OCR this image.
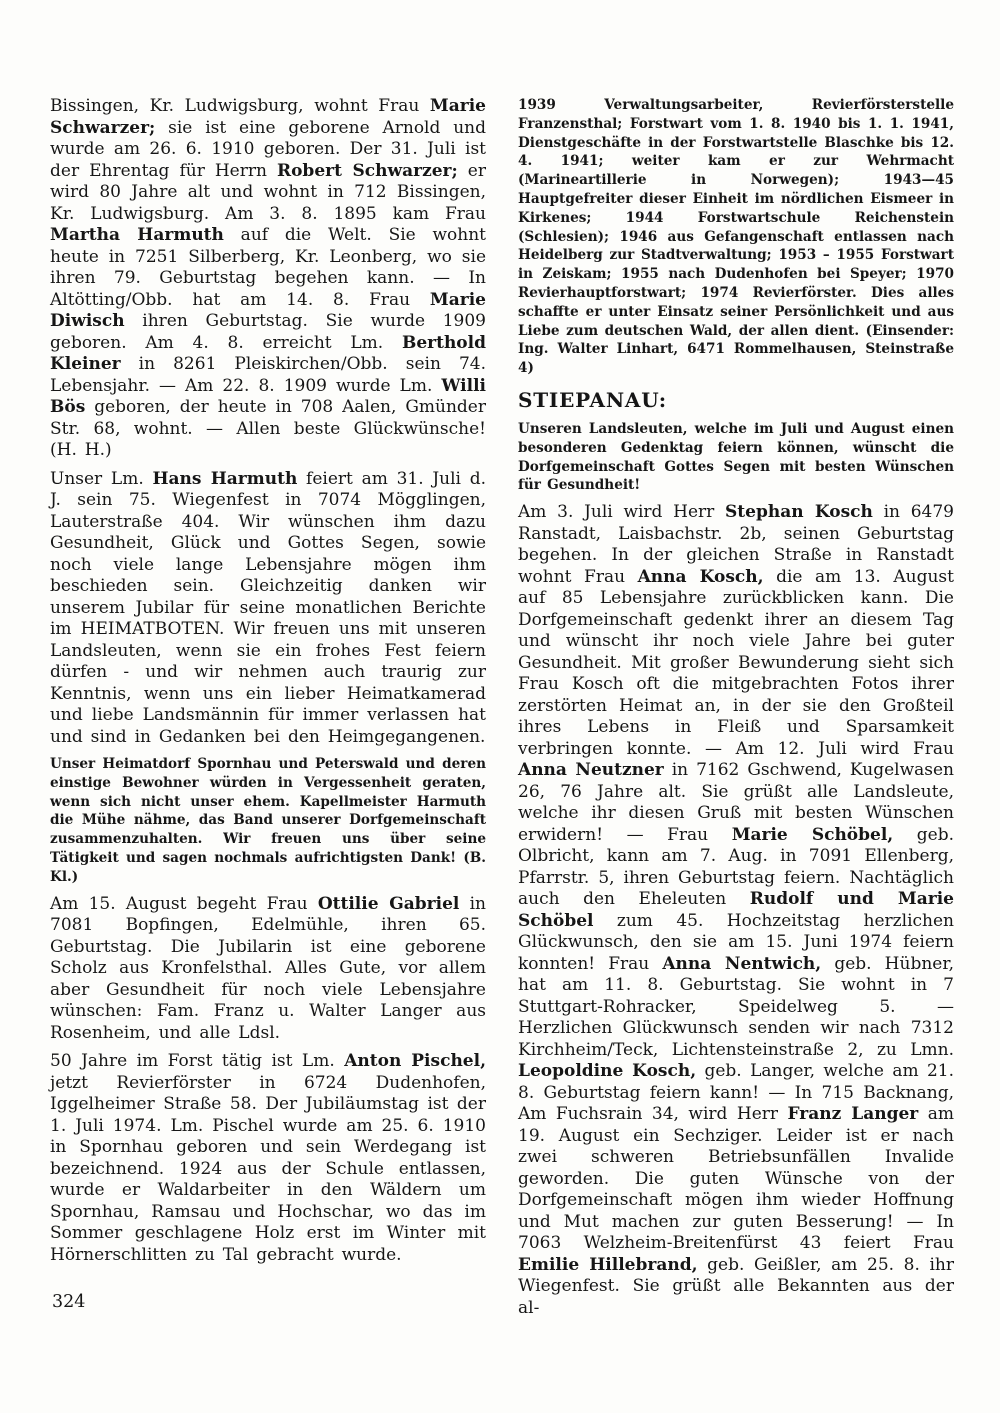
Bissingen, Kr. Ludwigsburg, wohnt Frau Marie Schwarzer; sie ist eine geborene Arnold und wurde am 26. 6. 1910 geboren. Der 31. Juli ist der Ehrentag für Herrn Robert Schwarzer; er wird 80 Jahre alt und wohnt in 712 Bissingen, Kr. Ludwigsburg. Am 3. 8. 1895 kam Frau Martha Harmuth auf die Welt. Sie wohnt heute in 7251 Silberberg, Kr. Leonberg, wo sie ihren 79. Geburtstag begehen kann. — In Altötting/Obb. hat am 14. 8. Frau Marie Diwisch ihren Geburtstag. Sie wurde 1909 geboren. Am 4. 8. erreicht Lm. Berthold Kleiner in 8261 Pleiskirchen/Obb. sein 74. Lebensjahr. — Am 22. 8. 1909 wurde Lm. Willi Bös geboren, der heute in 708 Aalen, Gmünder Str. 68, wohnt. — Allen beste Glückwünsche! (H. H.)

Unser Lm. Hans Harmuth feiert am 31. Juli d. J. sein 75. Wiegenfest in 7074 Mögglingen, Lauterstraße 404. Wir wünschen ihm dazu Gesundheit, Glück und Gottes Segen, sowie noch viele lange Lebensjahre mögen ihm beschieden sein. Gleichzeitig danken wir unserem Jubilar für seine monatlichen Berichte im HEIMATBOTEN. Wir freuen uns mit unseren Landsleuten, wenn sie ein frohes Fest feiern dürfen - und wir nehmen auch traurig zur Kenntnis, wenn uns ein lieber Heimatkamerad und liebe Landsmännin für immer verlassen hat und sind in Gedanken bei den Heimgegangenen.

Unser Heimatdorf Spornhau und Peterswald und deren einstige Bewohner würden in Vergessenheit geraten, wenn sich nicht unser ehem. Kapellmeister Harmuth die Mühe nähme, das Band unserer Dorfgemeinschaft zusammenzuhalten. Wir freuen uns über seine Tätigkeit und sagen nochmals aufrichtigsten Dank! (B. Kl.)

Am 15. August begeht Frau Ottilie Gabriel in 7081 Bopfingen, Edelmühle, ihren 65. Geburtstag. Die Jubilarin ist eine geborene Scholz aus Kronfelsthal. Alles Gute, vor allem aber Gesundheit für noch viele Lebensjahre wünschen: Fam. Franz u. Walter Langer aus Rosenheim, und alle Ldsl.

50 Jahre im Forst tätig ist Lm. Anton Pischel, jetzt Revierförster in 6724 Dudenhofen, Iggelheimer Straße 58. Der Jubiläumstag ist der 1. Juli 1974. Lm. Pischel wurde am 25. 6. 1910 in Spornhau geboren und sein Werdegang ist bezeichnend. 1924 aus der Schule entlassen, wurde er Waldarbeiter in den Wäldern um Spornhau, Ramsau und Hochschar, wo das im Sommer geschlagene Holz erst im Winter mit Hörnerschlitten zu Tal gebracht wurde.

1939 Verwaltungsarbeiter, Revierförsterstelle Franzensthal; Forstwart vom 1. 8. 1940 bis 1. 1. 1941, Dienstgeschäfte in der Forstwartstelle Blaschke bis 12. 4. 1941; weiter kam er zur Wehrmacht (Marineartillerie in Norwegen); 1943—45 Hauptgefreiter dieser Einheit im nördlichen Eismeer in Kirkenes; 1944 Forstwartschule Reichenstein (Schlesien); 1946 aus Gefangenschaft entlassen nach Heidelberg zur Stadtverwaltung; 1953 – 1955 Forstwart in Zeiskam; 1955 nach Dudenhofen bei Speyer; 1970 Revierhauptforstwart; 1974 Revierförster. Dies alles schaffte er unter Einsatz seiner Persönlichkeit und aus Liebe zum deutschen Wald, der allen dient. (Einsender: Ing. Walter Linhart, 6471 Rommelhausen, Steinstraße 4)

STIEPANAU:

Unseren Landsleuten, welche im Juli und August einen besonderen Gedenktag feiern können, wünscht die Dorfgemeinschaft Gottes Segen mit besten Wünschen für Gesundheit!

Am 3. Juli wird Herr Stephan Kosch in 6479 Ranstadt, Laisbachstr. 2b, seinen Geburtstag begehen. In der gleichen Straße in Ranstadt wohnt Frau Anna Kosch, die am 13. August auf 85 Lebensjahre zurückblicken kann. Die Dorfgemeinschaft gedenkt ihrer an diesem Tag und wünscht ihr noch viele Jahre bei guter Gesundheit. Mit großer Bewunderung sieht sich Frau Kosch oft die mitgebrachten Fotos ihrer zerstörten Heimat an, in der sie den Großteil ihres Lebens in Fleiß und Sparsamkeit verbringen konnte. — Am 12. Juli wird Frau Anna Neutzner in 7162 Gschwend, Kugelwasen 26, 76 Jahre alt. Sie grüßt alle Landsleute, welche ihr diesen Gruß mit besten Wünschen erwidern! — Frau Marie Schöbel, geb. Olbricht, kann am 7. Aug. in 7091 Ellenberg, Pfarrstr. 5, ihren Geburtstag feiern. Nachtäglich auch den Eheleuten Rudolf und Marie Schöbel zum 45. Hochzeitstag herzlichen Glückwunsch, den sie am 15. Juni 1974 feiern konnten! Frau Anna Nentwich, geb. Hübner, hat am 11. 8. Geburtstag. Sie wohnt in 7 Stuttgart-Rohracker, Speidelweg 5. — Herzlichen Glückwunsch senden wir nach 7312 Kirchheim/Teck, Lichtensteinstraße 2, zu Lmn. Leopoldine Kosch, geb. Langer, welche am 21. 8. Geburtstag feiern kann! — In 715 Backnang, Am Fuchsrain 34, wird Herr Franz Langer am 19. August ein Sechziger. Leider ist er nach zwei schweren Betriebsunfällen Invalide geworden. Die guten Wünsche von der Dorfgemeinschaft mögen ihm wieder Hoffnung und Mut machen zur guten Besserung! — In 7063 Welzheim-Breitenfürst 43 feiert Frau Emilie Hillebrand, geb. Geißler, am 25. 8. ihr Wiegenfest. Sie grüßt alle Bekannten aus der al-

324
